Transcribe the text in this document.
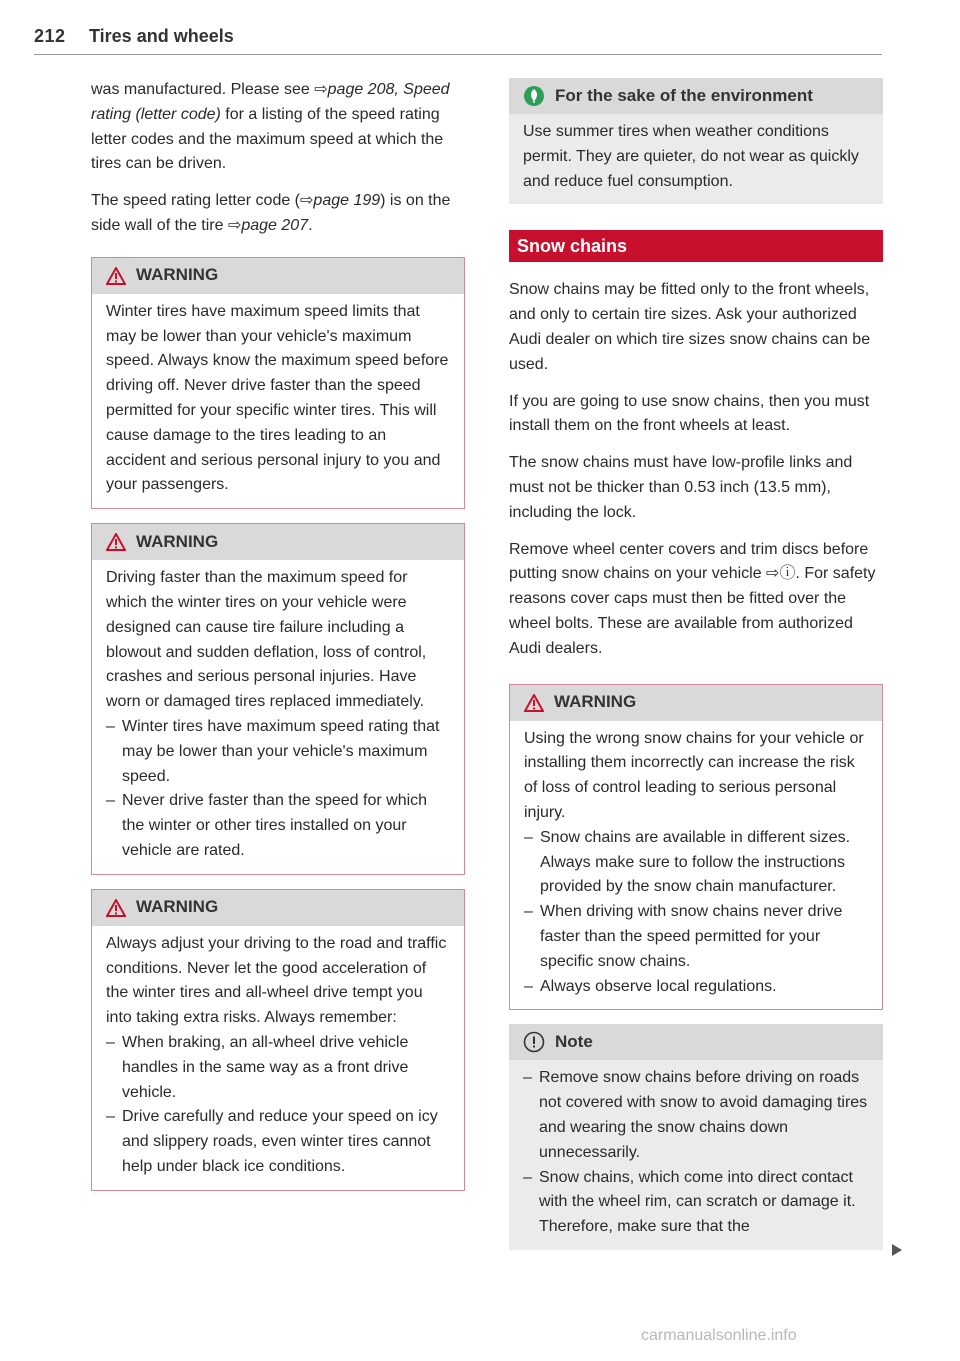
212 Tires and wheels

was manufactured. Please see ⇨page 208, Speed rating (letter code) for a listing of the speed rating letter codes and the maximum speed at which the tires can be driven.

The speed rating letter code (⇨page 199) is on the side wall of the tire ⇨page 207.

WARNING

Winter tires have maximum speed limits that may be lower than your vehicle's maximum speed. Always know the maximum speed before driving off. Never drive faster than the speed permitted for your specific winter tires. This will cause damage to the tires leading to an accident and serious personal injury to you and your passengers.

WARNING

Driving faster than the maximum speed for which the winter tires on your vehicle were designed can cause tire failure including a blowout and sudden deflation, loss of control, crashes and serious personal injuries. Have worn or damaged tires replaced immediately.

– Winter tires have maximum speed rating that may be lower than your vehicle's maximum speed.
– Never drive faster than the speed for which the winter or other tires installed on your vehicle are rated.
WARNING

Always adjust your driving to the road and traffic conditions. Never let the good acceleration of the winter tires and all-wheel drive tempt you into taking extra risks. Always remember:

– When braking, an all-wheel drive vehicle handles in the same way as a front drive vehicle.
– Drive carefully and reduce your speed on icy and slippery roads, even winter tires cannot help under black ice conditions.
For the sake of the environment

Use summer tires when weather conditions permit. They are quieter, do not wear as quickly and reduce fuel consumption.

Snow chains

Snow chains may be fitted only to the front wheels, and only to certain tire sizes. Ask your authorized Audi dealer on which tire sizes snow chains can be used.

If you are going to use snow chains, then you must install them on the front wheels at least.

The snow chains must have low-profile links and must not be thicker than 0.53 inch (13.5 mm), including the lock.

Remove wheel center covers and trim discs before putting snow chains on your vehicle ⇨ⓘ. For safety reasons cover caps must then be fitted over the wheel bolts. These are available from authorized Audi dealers.

WARNING

Using the wrong snow chains for your vehicle or installing them incorrectly can increase the risk of loss of control leading to serious personal injury.

– Snow chains are available in different sizes. Always make sure to follow the instructions provided by the snow chain manufacturer.
– When driving with snow chains never drive faster than the speed permitted for your specific snow chains.
– Always observe local regulations.
Note
– Remove snow chains before driving on roads not covered with snow to avoid damaging tires and wearing the snow chains down unnecessarily.
– Snow chains, which come into direct contact with the wheel rim, can scratch or damage it. Therefore, make sure that the
carmanualsonline.info
